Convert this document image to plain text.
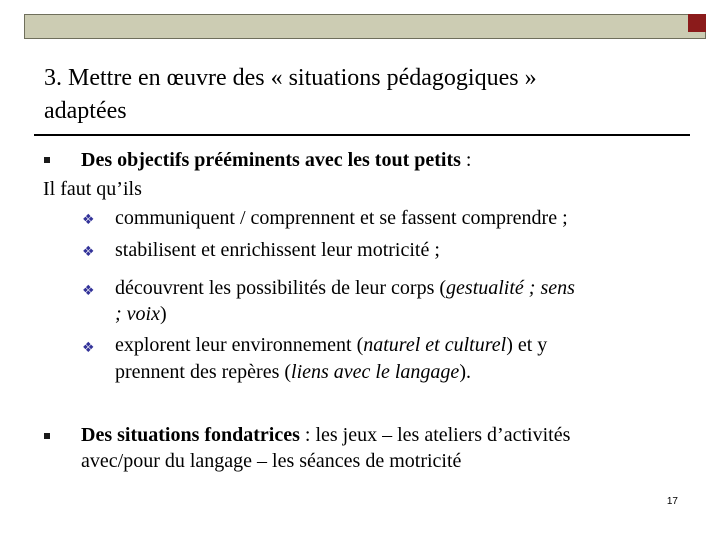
3. Mettre en œuvre des « situations pédagogiques »
adaptées
Des objectifs prééminents avec les tout petits :
Il faut qu’ils
❖ communiquent / comprennent et se fassent comprendre ;
❖ stabilisent et enrichissent leur motricité ;
❖ découvrent les possibilités de leur corps (gestualité ; sens
; voix)
❖ explorent leur environnement (naturel et culturel) et y
prennent des repères (liens avec le langage).
Des situations fondatrices : les jeux – les ateliers d’activités
avec/pour du langage – les séances de motricité
17
